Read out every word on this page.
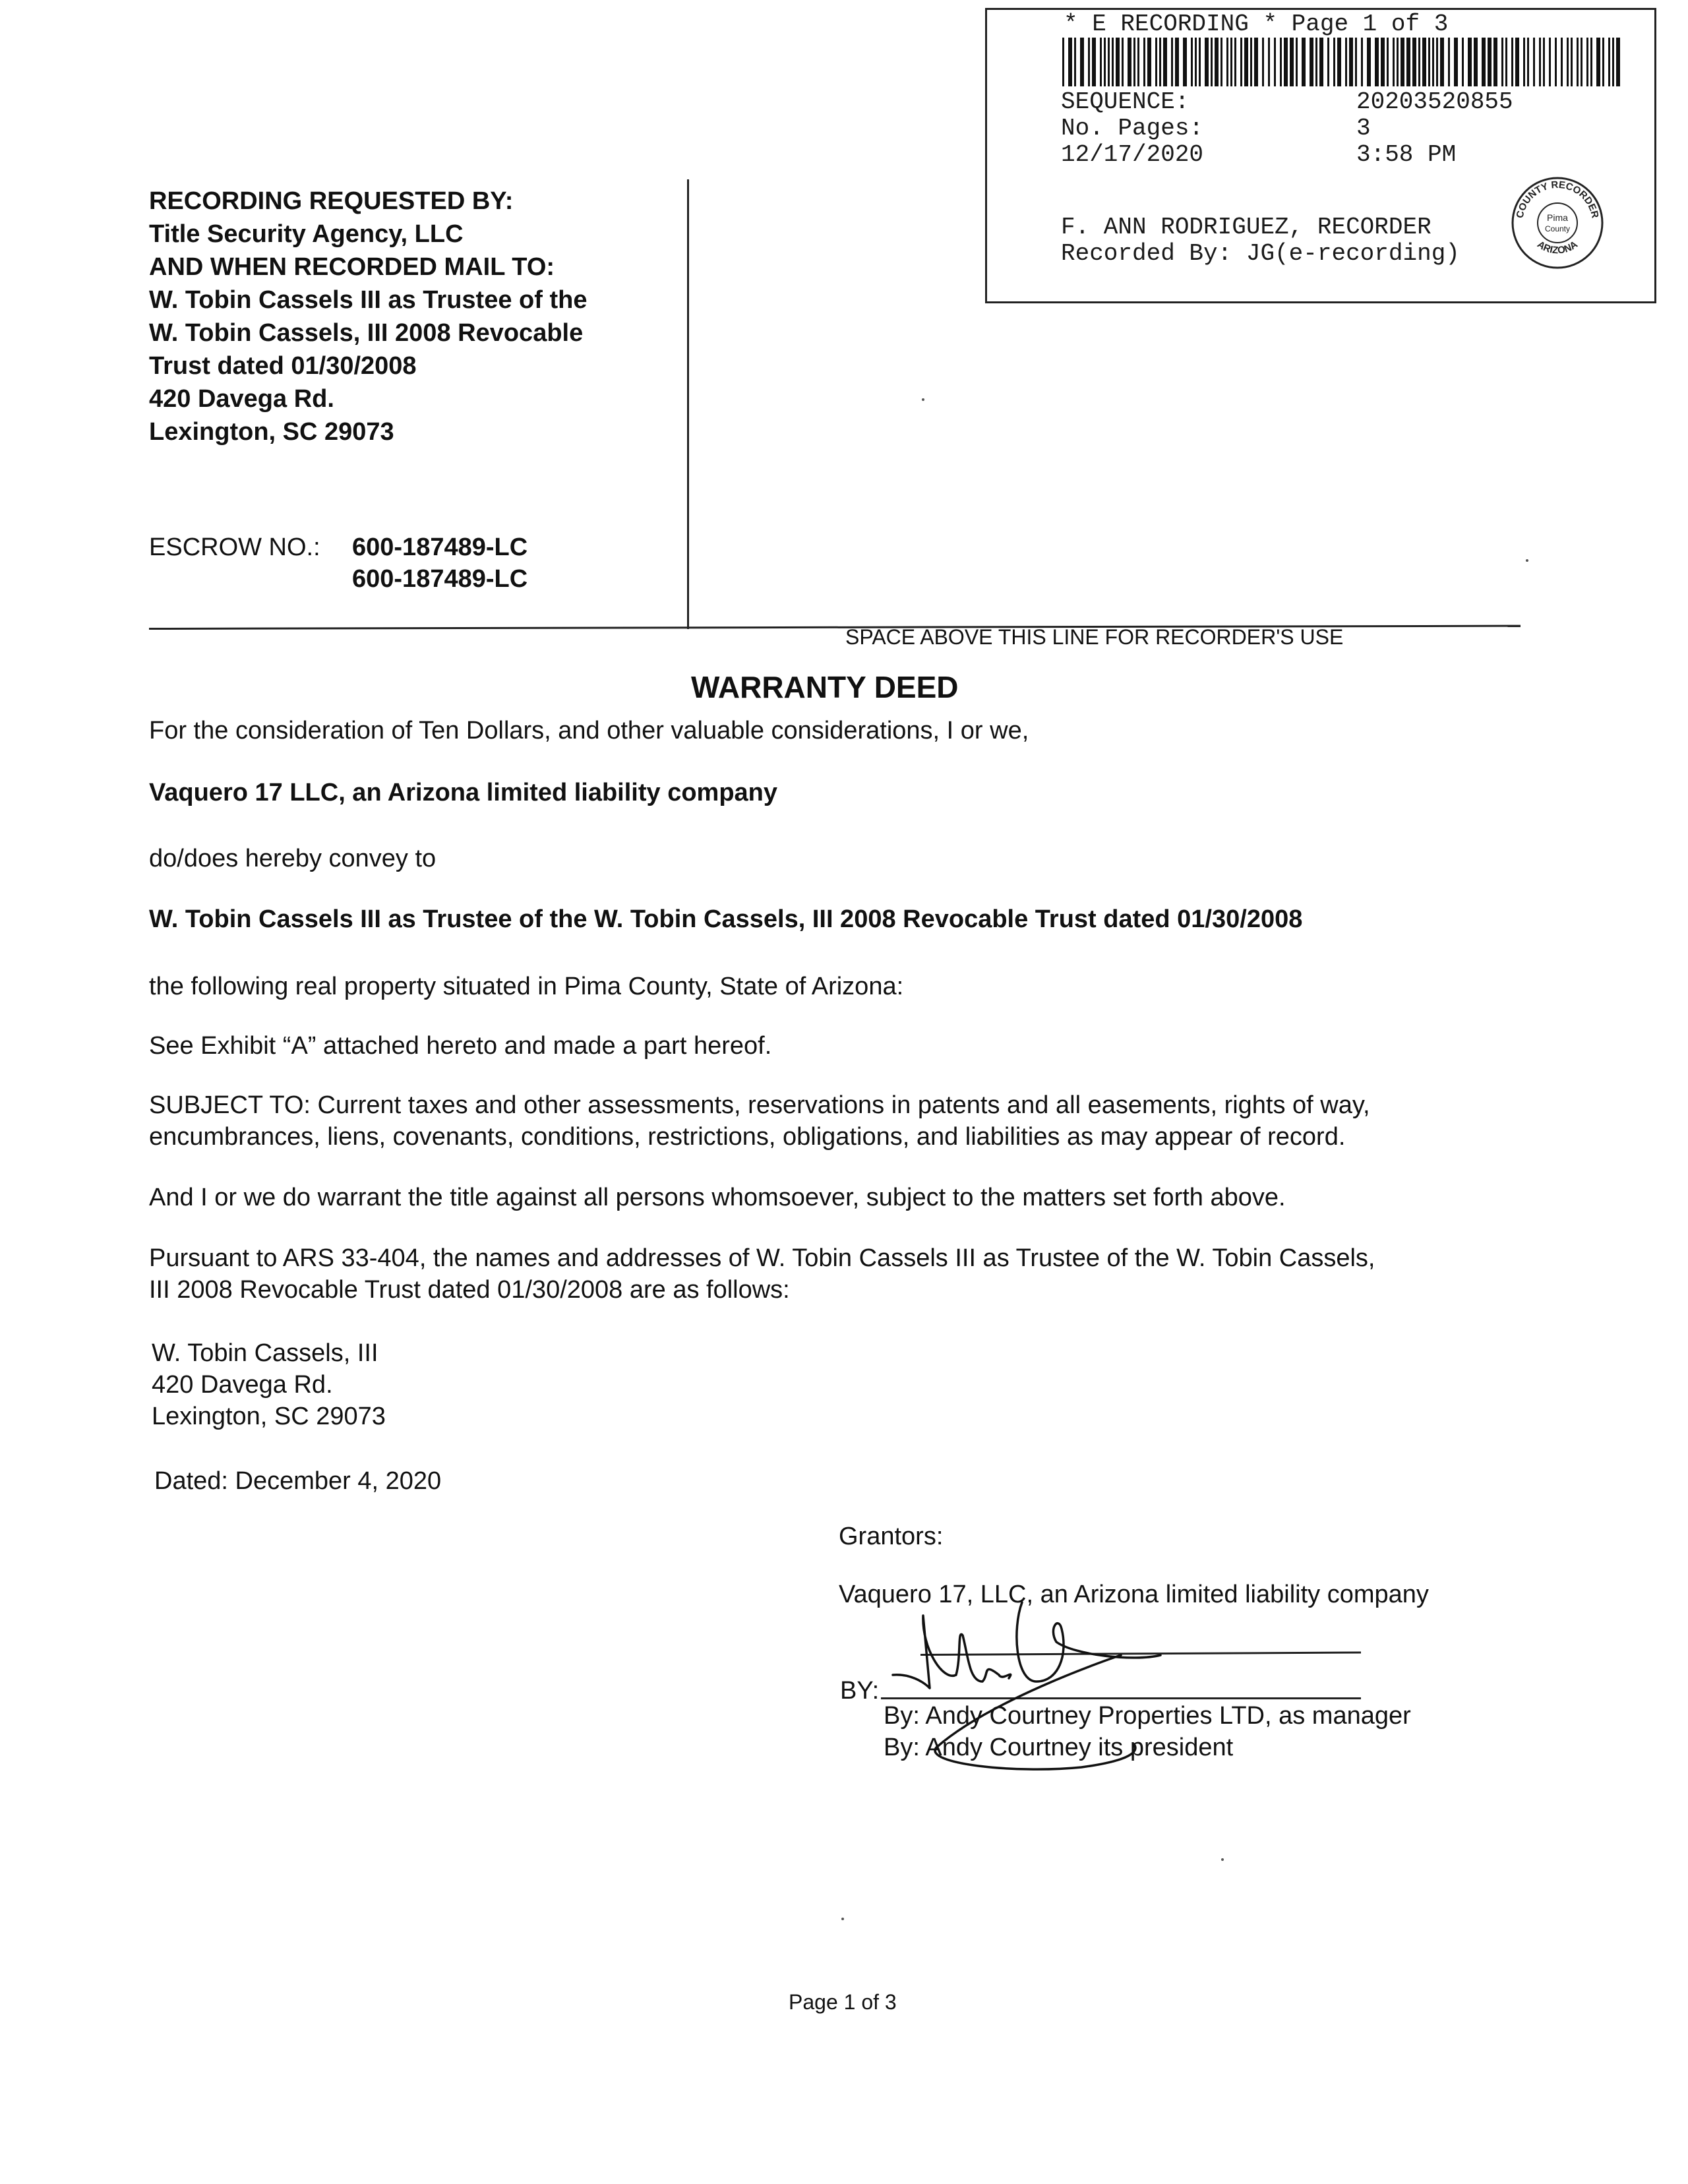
* E RECORDING * Page 1 of 3
SEQUENCE:	20203520855
No. Pages:	3
12/17/2020	3:58 PM
F. ANN RODRIGUEZ, RECORDER
Recorded By: JG(e-recording)
COUNTY RECORDER
ARIZONA
Pima
County
RECORDING REQUESTED BY:
Title Security Agency, LLC
AND WHEN RECORDED MAIL TO:
W. Tobin Cassels III as Trustee of the
W. Tobin Cassels, III 2008 Revocable
Trust dated 01/30/2008
420 Davega Rd.
Lexington, SC 29073
ESCROW NO.: 600-187489-LC
600-187489-LC
SPACE ABOVE THIS LINE FOR RECORDER'S USE
WARRANTY DEED
For the consideration of Ten Dollars, and other valuable considerations, I or we,
Vaquero 17 LLC, an Arizona limited liability company
do/does hereby convey to
W. Tobin Cassels III as Trustee of the W. Tobin Cassels, III 2008 Revocable Trust dated 01/30/2008
the following real property situated in Pima County, State of Arizona:
See Exhibit “A” attached hereto and made a part hereof.
SUBJECT TO: Current taxes and other assessments, reservations in patents and all easements, rights of way,
encumbrances, liens, covenants, conditions, restrictions, obligations, and liabilities as may appear of record.
And I or we do warrant the title against all persons whomsoever, subject to the matters set forth above.
Pursuant to ARS 33-404, the names and addresses of W. Tobin Cassels III as Trustee of the W. Tobin Cassels,
III 2008 Revocable Trust dated 01/30/2008 are as follows:
W. Tobin Cassels, III
420 Davega Rd.
Lexington, SC 29073
Dated: December 4, 2020
Grantors:
Vaquero 17, LLC, an Arizona limited liability company
BY:
By: Andy Courtney Properties LTD, as manager
By: Andy Courtney its president
Page 1 of 3
